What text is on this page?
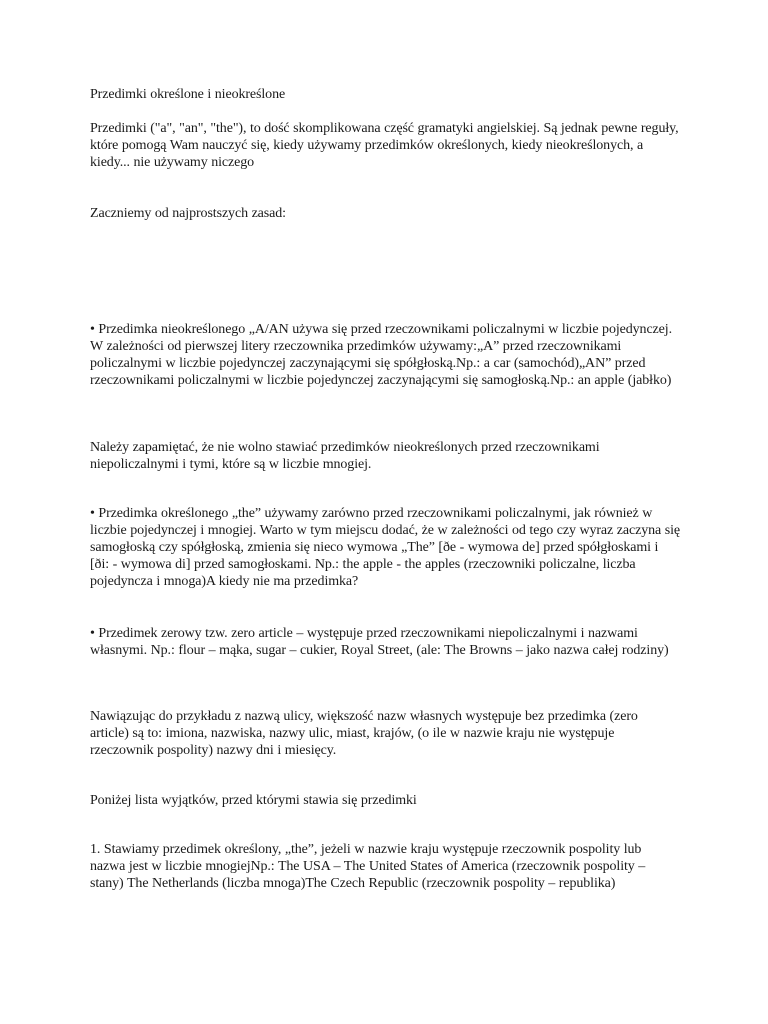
Przedimki określone i nieokreślone

Przedimki ("a", "an", "the"), to dość skomplikowana część gramatyki angielskiej. Są jednak pewne reguły, które pomogą Wam nauczyć się, kiedy używamy przedimków określonych, kiedy nieokreślonych, a kiedy... nie używamy niczego

Zaczniemy od najprostszych zasad:

• Przedimka nieokreślonego „A/AN używa się przed rzeczownikami policzalnymi w liczbie pojedynczej. W zależności od pierwszej litery rzeczownika przedimków używamy:„A” przed rzeczownikami policzalnymi w liczbie pojedynczej zaczynającymi się spółgłoską.Np.: a car (samochód)„AN” przed rzeczownikami policzalnymi w liczbie pojedynczej zaczynającymi się samogłoską.Np.: an apple (jabłko)

Należy zapamiętać, że nie wolno stawiać przedimków nieokreślonych przed rzeczownikami niepoliczalnymi i tymi, które są w liczbie mnogiej.

• Przedimka określonego „the” używamy zarówno przed rzeczownikami policzalnymi, jak również w liczbie pojedynczej i mnogiej. Warto w tym miejscu dodać, że w zależności od tego czy wyraz zaczyna się samogłoską czy spółgłoską, zmienia się nieco wymowa „The” [ðe - wymowa de] przed spółgłoskami i [ði: - wymowa di] przed samogłoskami. Np.: the apple - the apples (rzeczowniki policzalne, liczba pojedyncza i mnoga)A kiedy nie ma przedimka?

• Przedimek zerowy tzw. zero article – występuje przed rzeczownikami niepoliczalnymi i nazwami własnymi. Np.: flour – mąka, sugar – cukier, Royal Street, (ale: The Browns – jako nazwa całej rodziny)

Nawiązując do przykładu z nazwą ulicy, większość nazw własnych występuje bez przedimka (zero article) są to: imiona, nazwiska, nazwy ulic, miast, krajów, (o ile w nazwie kraju nie występuje rzeczownik pospolity) nazwy dni i miesięcy.

Poniżej lista wyjątków, przed którymi stawia się przedimki

1. Stawiamy przedimek określony, „the”, jeżeli w nazwie kraju występuje rzeczownik pospolity lub nazwa jest w liczbie mnogiejNp.: The USA – The United States of America (rzeczownik pospolity – stany) The Netherlands (liczba mnoga)The Czech Republic (rzeczownik pospolity – republika)
